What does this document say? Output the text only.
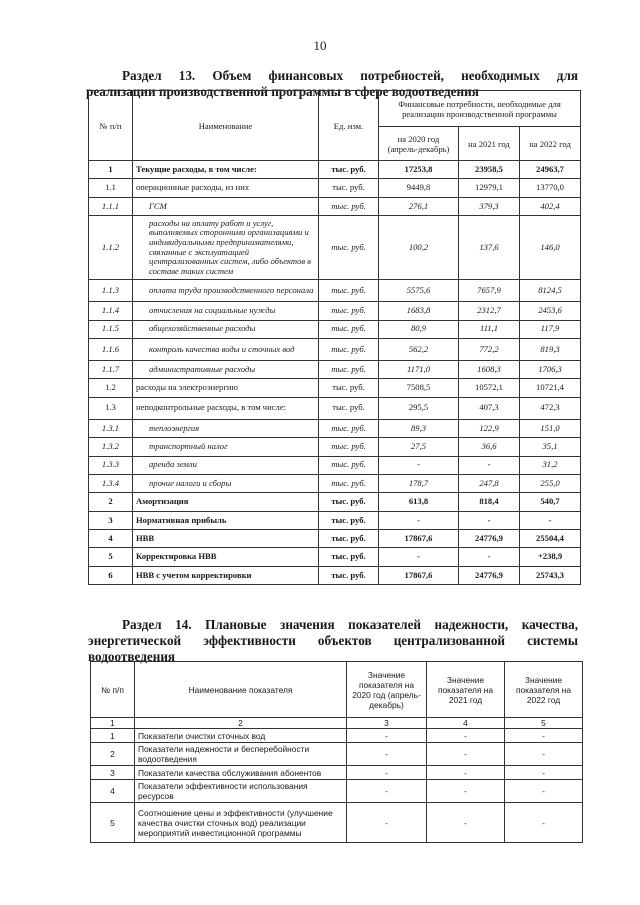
10
Раздел 13. Объем финансовых потребностей, необходимых для
реализации производственной программы в сфере водоотведения
№ п/п	Наименование	Ед. изм.	Финансовые потребности, необходимые для реализации производственной программы		
			на 2020 год (апрель-декабрь)	на 2021 год	на 2022 год
1	Текущие расходы, в том числе:	тыс. руб.	17253,8	23958,5	24963,7
1.1	операционные расходы, из них	тыс. руб.	9449,8	12979,1	13770,0
1.1.1	ГСМ	тыс. руб.	276,1	379,3	402,4
1.1.2	расходы на оплату работ и услуг, выполняемых сторонними организациями и индивидуальными предпринимателями, связанные с эксплуатацией централизованных систем, либо объектов в составе таких систем	тыс. руб.	100,2	137,6	146,0
1.1.3	оплата труда производственного персонала	тыс. руб.	5575,6	7657,9	8124,5
1.1.4	отчисления на социальные нужды	тыс. руб.	1683,8	2312,7	2453,6
1.1.5	общехозяйственные расходы	тыс. руб.	80,9	111,1	117,9
1.1.6	контроль качества воды и сточных вод	тыс. руб.	562,2	772,2	819,3
1.1.7	административные расходы	тыс. руб.	1171,0	1608,3	1706,3
1.2	расходы на электроэнергию	тыс. руб.	7508,5	10572,1	10721,4
1.3	неподконтрольные расходы, в том числе:	тыс. руб.	295,5	407,3	472,3
1.3.1	теплоэнергия	тыс. руб.	89,3	122,9	151,0
1.3.2	транспортный налог	тыс. руб.	27,5	36,6	35,1
1.3.3	аренда земли	тыс. руб.	-	-	31,2
1.3.4	прочие налоги и сборы	тыс. руб.	178,7	247,8	255,0
2	Амортизация	тыс. руб.	613,8	818,4	540,7
3	Нормативная прибыль	тыс. руб.	-	-	-
4	НВВ	тыс. руб.	17867,6	24776,9	25504,4
5	Корректировка НВВ	тыс. руб.	-	-	+238,9
6	НВВ с учетом корректировки	тыс. руб.	17867,6	24776,9	25743,3
Раздел 14. Плановые значения показателей надежности, качества,
энергетической эффективности объектов централизованной системы
водоотведения
№ п/п	Наименование показателя	Значение показателя на 2020 год (апрель-декабрь)	Значение показателя на 2021 год	Значение показателя на 2022 год
1	2	3	4	5
1	Показатели очистки сточных вод	-	-	-
2	Показатели надежности и бесперебойности водоотведения	-	-	-
3	Показатели качества обслуживания абонентов	-	-	-
4	Показатели эффективности использования ресурсов	-	-	-
5	Соотношение цены и эффективности (улучшение качества очистки сточных вод) реализации мероприятий инвестиционной программы	-	-	-
